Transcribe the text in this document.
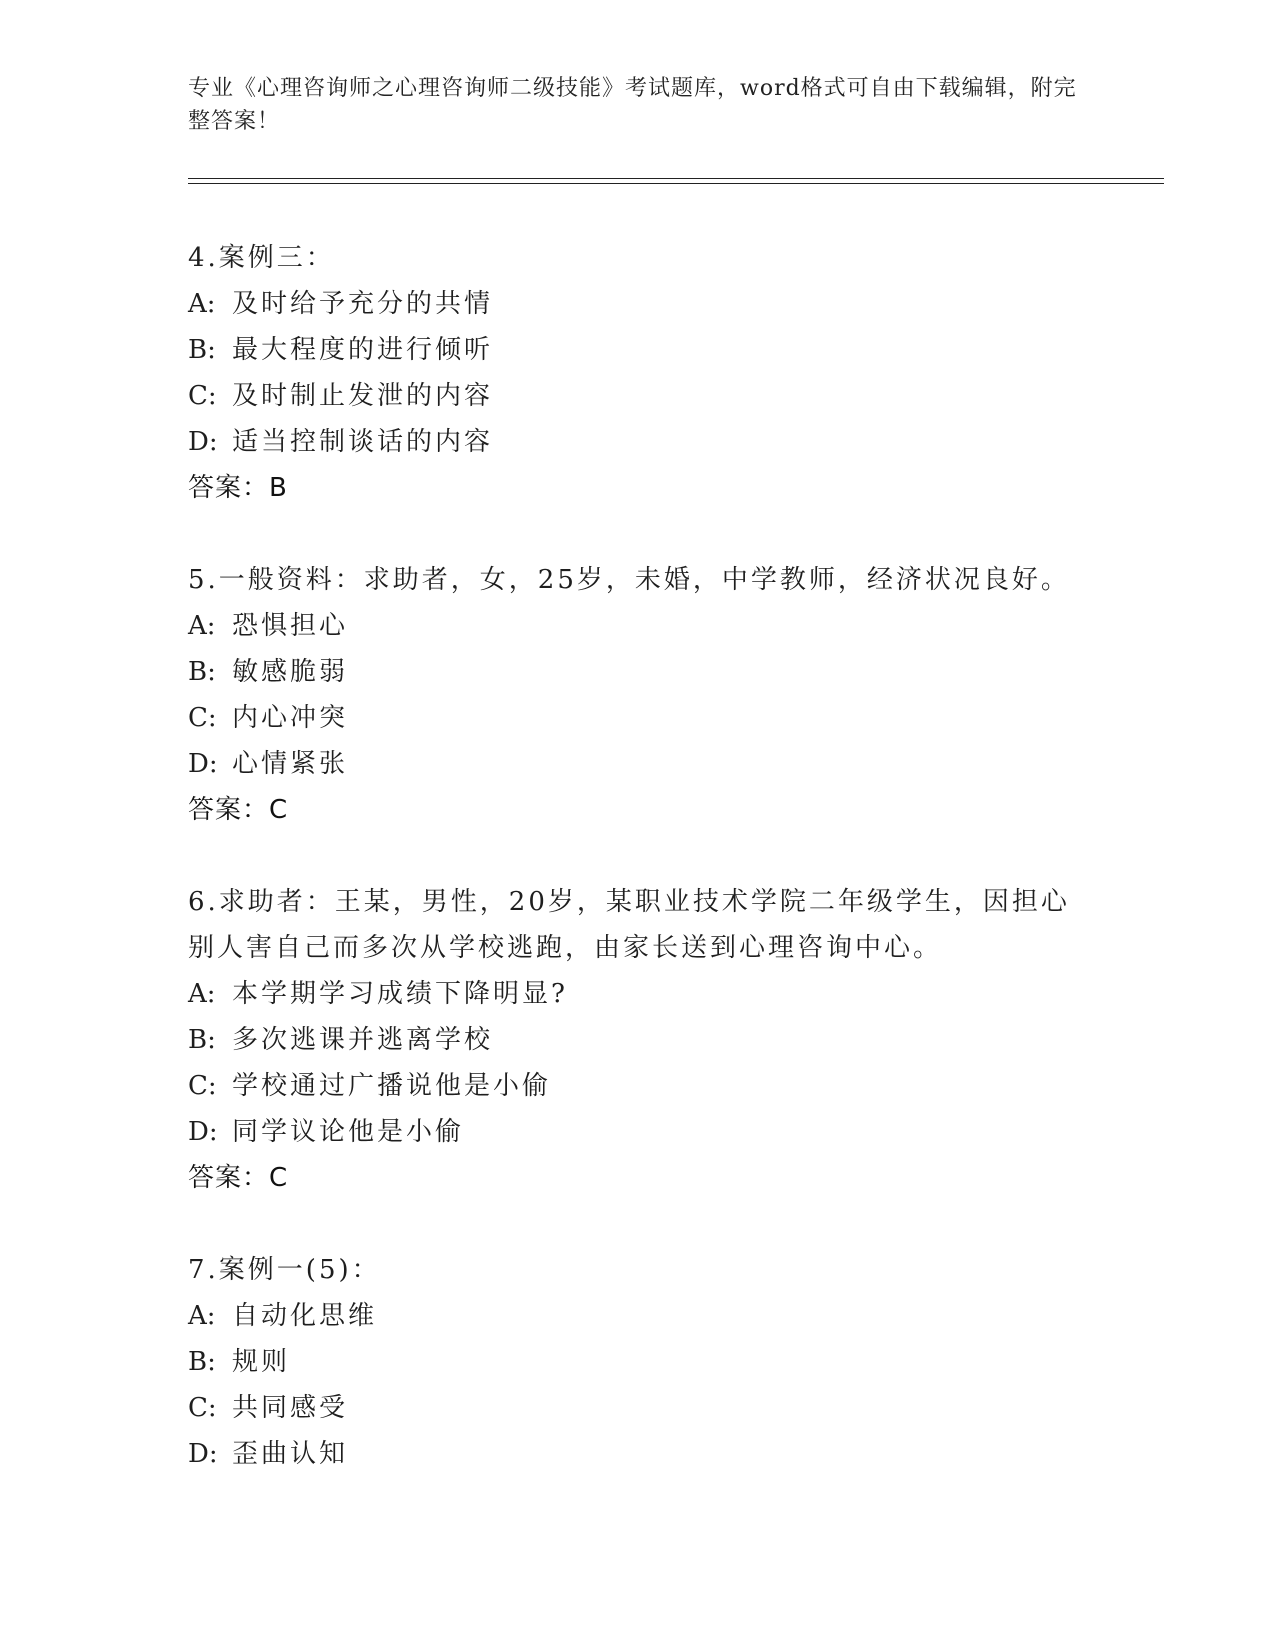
专业《心理咨询师之心理咨询师二级技能》考试题库，word格式可自由下载编辑，附完整答案！
4.案例三：
A: 及时给予充分的共情
B: 最大程度的进行倾听
C: 及时制止发泄的内容
D: 适当控制谈话的内容
答案：B
5.一般资料：求助者，女，25岁，未婚，中学教师，经济状况良好。
A: 恐惧担心
B: 敏感脆弱
C: 内心冲突
D: 心情紧张
答案：C
6.求助者：王某，男性，20岁，某职业技术学院二年级学生，因担心别人害自己而多次从学校逃跑，由家长送到心理咨询中心。
A: 本学期学习成绩下降明显?
B: 多次逃课并逃离学校
C: 学校通过广播说他是小偷
D: 同学议论他是小偷
答案：C
7.案例一(5)：
A: 自动化思维
B: 规则
C: 共同感受
D: 歪曲认知
